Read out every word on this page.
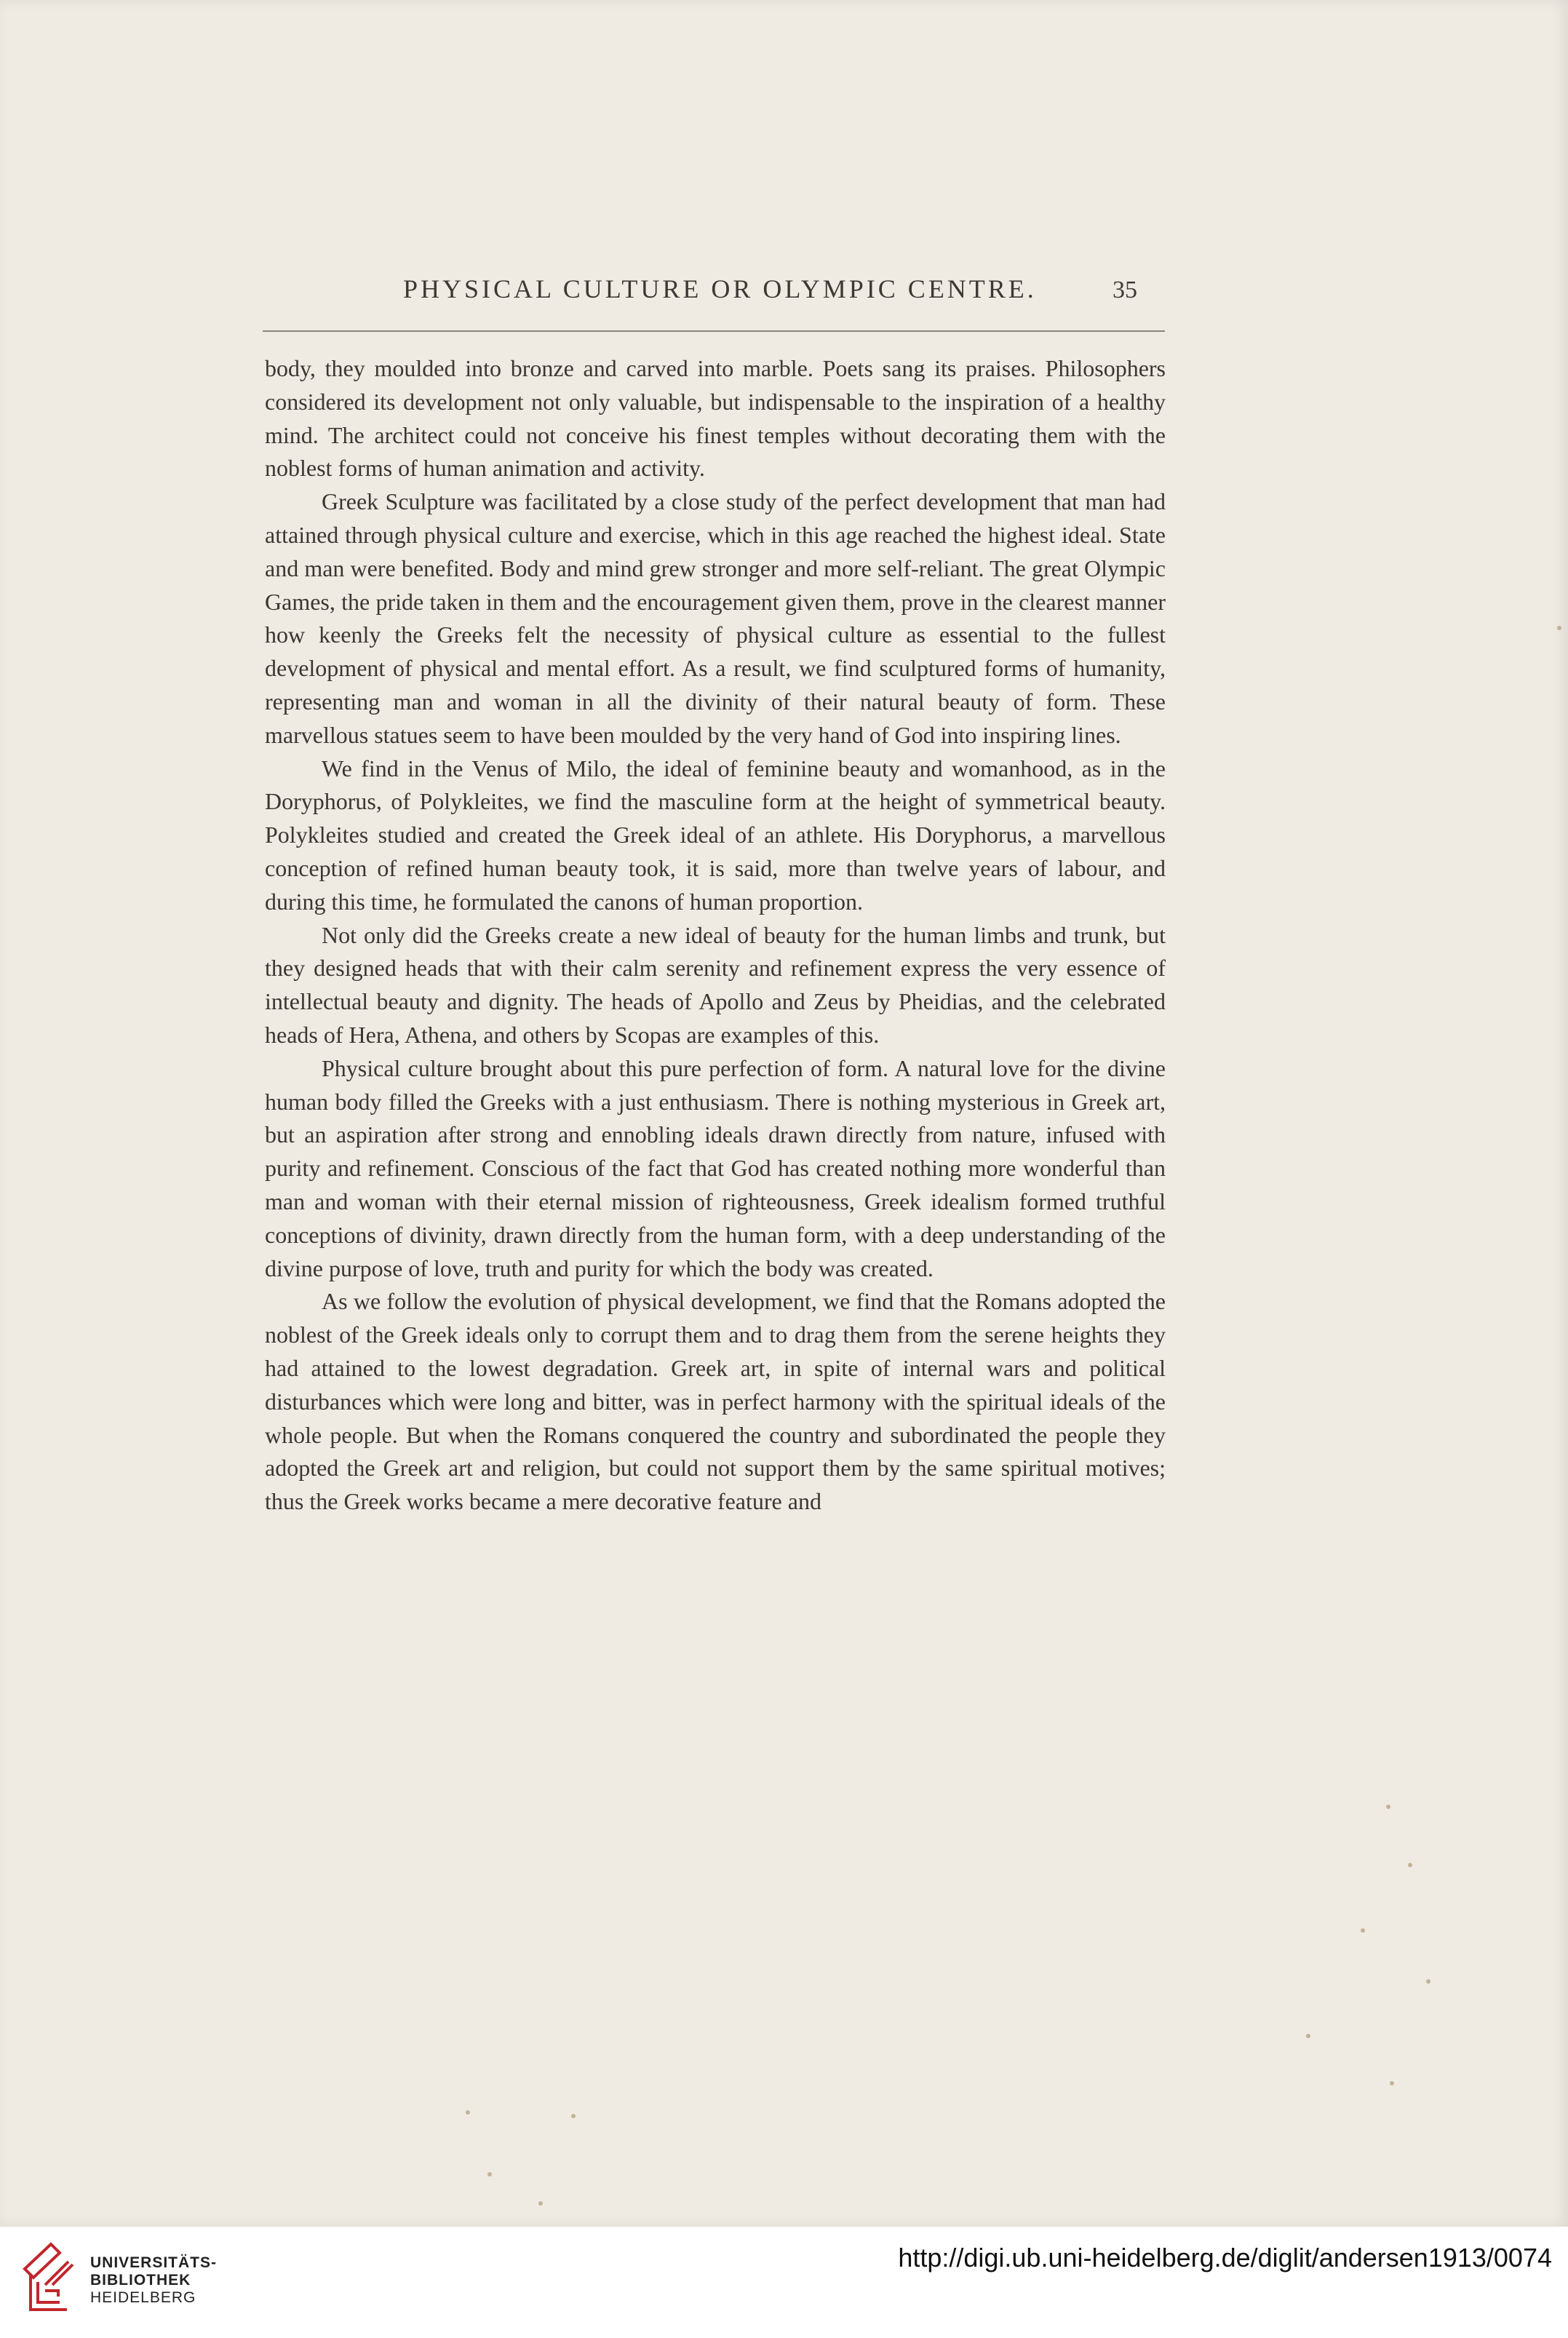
PHYSICAL CULTURE OR OLYMPIC CENTRE.	35

body, they moulded into bronze and carved into marble. Poets sang its praises. Philosophers considered its development not only valuable, but indispensable to the inspiration of a healthy mind. The architect could not conceive his finest temples without decorating them with the noblest forms of human animation and activity.

Greek Sculpture was facilitated by a close study of the perfect development that man had attained through physical culture and exercise, which in this age reached the highest ideal. State and man were benefited. Body and mind grew stronger and more self-reliant. The great Olympic Games, the pride taken in them and the encouragement given them, prove in the clearest manner how keenly the Greeks felt the necessity of physical culture as essential to the fullest development of physical and mental effort. As a result, we find sculptured forms of humanity, representing man and woman in all the divinity of their natural beauty of form. These marvellous statues seem to have been moulded by the very hand of God into inspiring lines.

We find in the Venus of Milo, the ideal of feminine beauty and womanhood, as in the Doryphorus, of Polykleites, we find the masculine form at the height of symmetrical beauty. Polykleites studied and created the Greek ideal of an athlete. His Doryphorus, a marvellous conception of refined human beauty took, it is said, more than twelve years of labour, and during this time, he formulated the canons of human proportion.

Not only did the Greeks create a new ideal of beauty for the human limbs and trunk, but they designed heads that with their calm serenity and refinement express the very essence of intellectual beauty and dignity. The heads of Apollo and Zeus by Pheidias, and the celebrated heads of Hera, Athena, and others by Scopas are examples of this.

Physical culture brought about this pure perfection of form. A natural love for the divine human body filled the Greeks with a just enthusiasm. There is nothing mysterious in Greek art, but an aspiration after strong and ennobling ideals drawn directly from nature, infused with purity and refinement. Conscious of the fact that God has created nothing more wonderful than man and woman with their eternal mission of righteousness, Greek idealism formed truthful conceptions of divinity, drawn directly from the human form, with a deep understanding of the divine purpose of love, truth and purity for which the body was created.

As we follow the evolution of physical development, we find that the Romans adopted the noblest of the Greek ideals only to corrupt them and to drag them from the serene heights they had attained to the lowest degradation. Greek art, in spite of internal wars and political disturbances which were long and bitter, was in perfect harmony with the spiritual ideals of the whole people. But when the Romans conquered the country and subordinated the people they adopted the Greek art and religion, but could not support them by the same spiritual motives; thus the Greek works became a mere decorative feature and

UNIVERSITÄTS-
BIBLIOTHEK
HEIDELBERG
http://digi.ub.uni-heidelberg.de/diglit/andersen1913/0074
